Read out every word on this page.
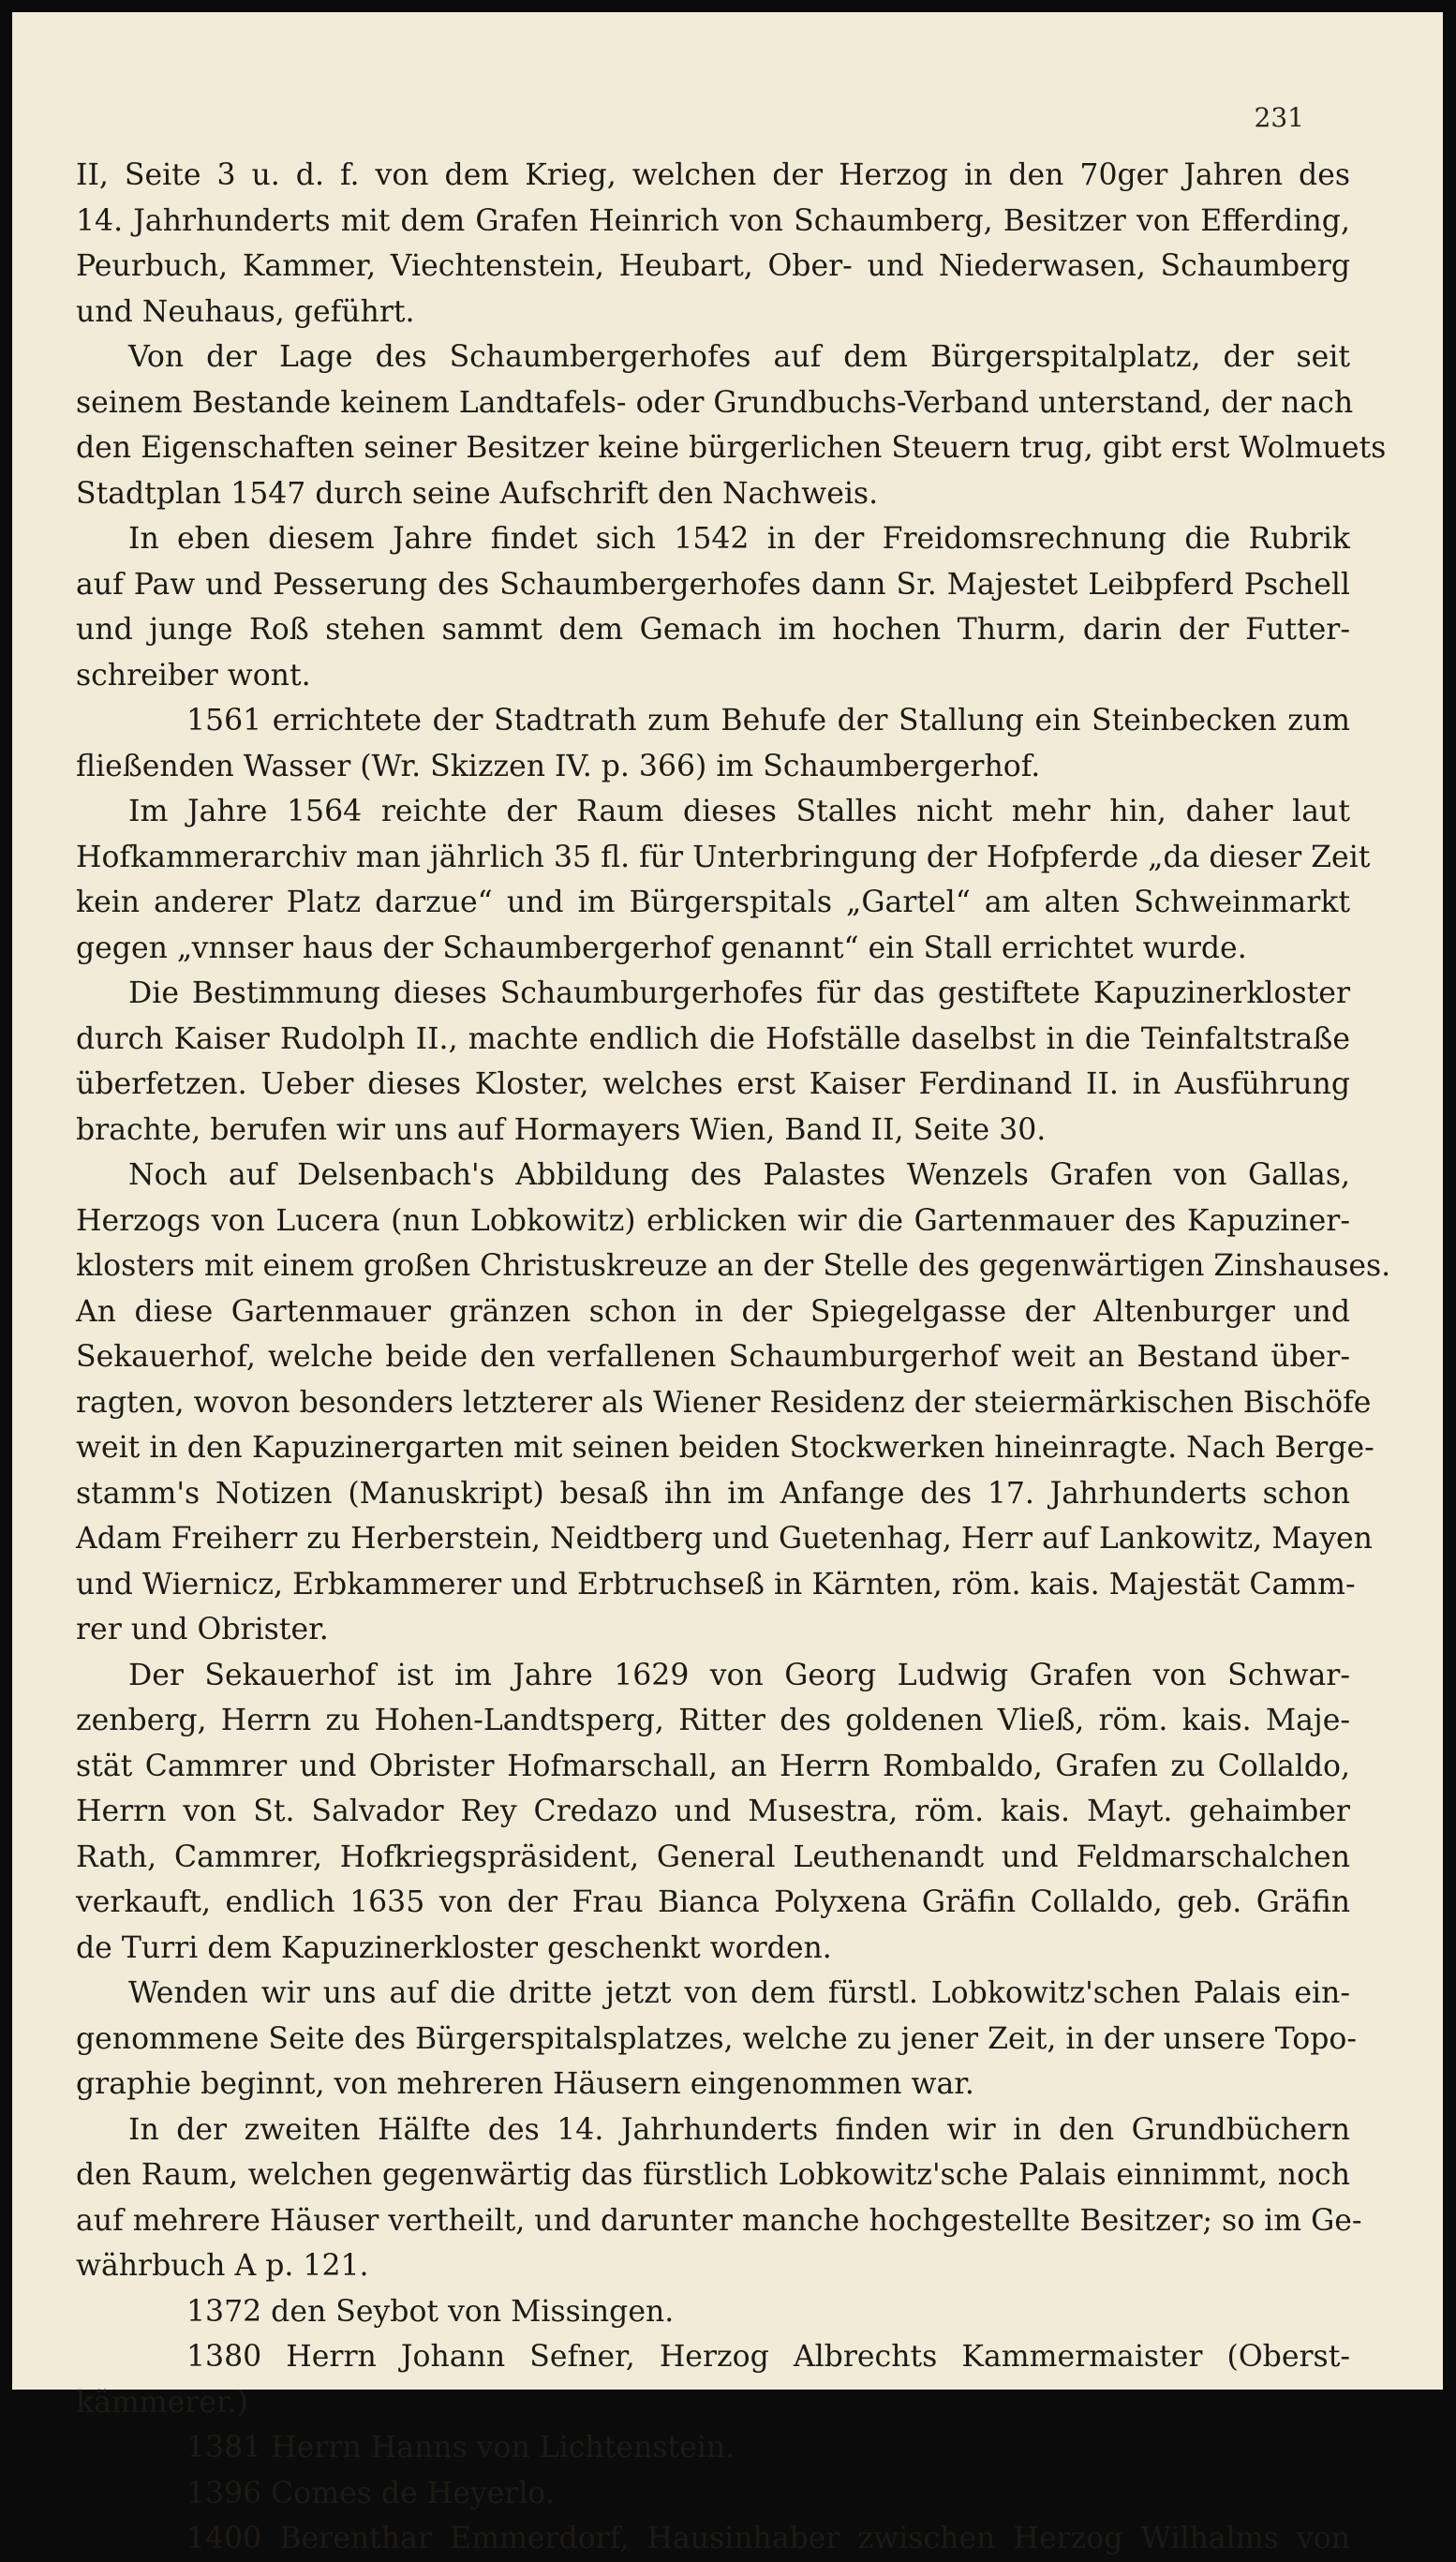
231
II, Seite 3 u. d. f. von dem Krieg, welchen der Herzog in den 70ger Jahren des
14. Jahrhunderts mit dem Grafen Heinrich von Schaumberg, Besitzer von Efferding,
Peurbuch, Kammer, Viechtenstein, Heubart, Ober- und Niederwasen, Schaumberg
und Neuhaus, geführt.
Von der Lage des Schaumbergerhofes auf dem Bürgerspitalplatz, der seit
seinem Bestande keinem Landtafels- oder Grundbuchs-Verband unterstand, der nach
den Eigenschaften seiner Besitzer keine bürgerlichen Steuern trug, gibt erst Wolmuets
Stadtplan 1547 durch seine Aufschrift den Nachweis.
In eben diesem Jahre findet sich 1542 in der Freidomsrechnung die Rubrik
auf Paw und Pesserung des Schaumbergerhofes dann Sr. Majestet Leibpferd Pschell
und junge Roß stehen sammt dem Gemach im hochen Thurm, darin der Futter-
schreiber wont.
1561 errichtete der Stadtrath zum Behufe der Stallung ein Steinbecken zum
fließenden Wasser (Wr. Skizzen IV. p. 366) im Schaumbergerhof.
Im Jahre 1564 reichte der Raum dieses Stalles nicht mehr hin, daher laut
Hofkammerarchiv man jährlich 35 fl. für Unterbringung der Hofpferde „da dieser Zeit
kein anderer Platz darzue“ und im Bürgerspitals „Gartel“ am alten Schweinmarkt
gegen „vnnser haus der Schaumbergerhof genannt“ ein Stall errichtet wurde.
Die Bestimmung dieses Schaumburgerhofes für das gestiftete Kapuzinerkloster
durch Kaiser Rudolph II., machte endlich die Hofställe daselbst in die Teinfaltstraße
überfetzen. Ueber dieses Kloster, welches erst Kaiser Ferdinand II. in Ausführung
brachte, berufen wir uns auf Hormayers Wien, Band II, Seite 30.
Noch auf Delsenbach's Abbildung des Palastes Wenzels Grafen von Gallas,
Herzogs von Lucera (nun Lobkowitz) erblicken wir die Gartenmauer des Kapuziner-
klosters mit einem großen Christuskreuze an der Stelle des gegenwärtigen Zinshauses.
An diese Gartenmauer gränzen schon in der Spiegelgasse der Altenburger und
Sekauerhof, welche beide den verfallenen Schaumburgerhof weit an Bestand über-
ragten, wovon besonders letzterer als Wiener Residenz der steiermärkischen Bischöfe
weit in den Kapuzinergarten mit seinen beiden Stockwerken hineinragte. Nach Berge-
stamm's Notizen (Manuskript) besaß ihn im Anfange des 17. Jahrhunderts schon
Adam Freiherr zu Herberstein, Neidtberg und Guetenhag, Herr auf Lankowitz, Mayen
und Wiernicz, Erbkammerer und Erbtruchseß in Kärnten, röm. kais. Majestät Camm-
rer und Obrister.
Der Sekauerhof ist im Jahre 1629 von Georg Ludwig Grafen von Schwar-
zenberg, Herrn zu Hohen-Landtsperg, Ritter des goldenen Vließ, röm. kais. Maje-
stät Cammrer und Obrister Hofmarschall, an Herrn Rombaldo, Grafen zu Collaldo,
Herrn von St. Salvador Rey Credazo und Musestra, röm. kais. Mayt. gehaimber
Rath, Cammrer, Hofkriegspräsident, General Leuthenandt und Feldmarschalchen
verkauft, endlich 1635 von der Frau Bianca Polyxena Gräfin Collaldo, geb. Gräfin
de Turri dem Kapuzinerkloster geschenkt worden.
Wenden wir uns auf die dritte jetzt von dem fürstl. Lobkowitz'schen Palais ein-
genommene Seite des Bürgerspitalsplatzes, welche zu jener Zeit, in der unsere Topo-
graphie beginnt, von mehreren Häusern eingenommen war.
In der zweiten Hälfte des 14. Jahrhunderts finden wir in den Grundbüchern
den Raum, welchen gegenwärtig das fürstlich Lobkowitz'sche Palais einnimmt, noch
auf mehrere Häuser vertheilt, und darunter manche hochgestellte Besitzer; so im Ge-
währbuch A p. 121.
1372 den Seybot von Missingen.
1380 Herrn Johann Sefner, Herzog Albrechts Kammermaister (Oberst-
kämmerer.)
1381 Herrn Hanns von Lichtenstein.
1396 Comes de Heyerlo.
1400 Berenthar Emmerdorf, Hausinhaber zwischen Herzog Wilhalms von
